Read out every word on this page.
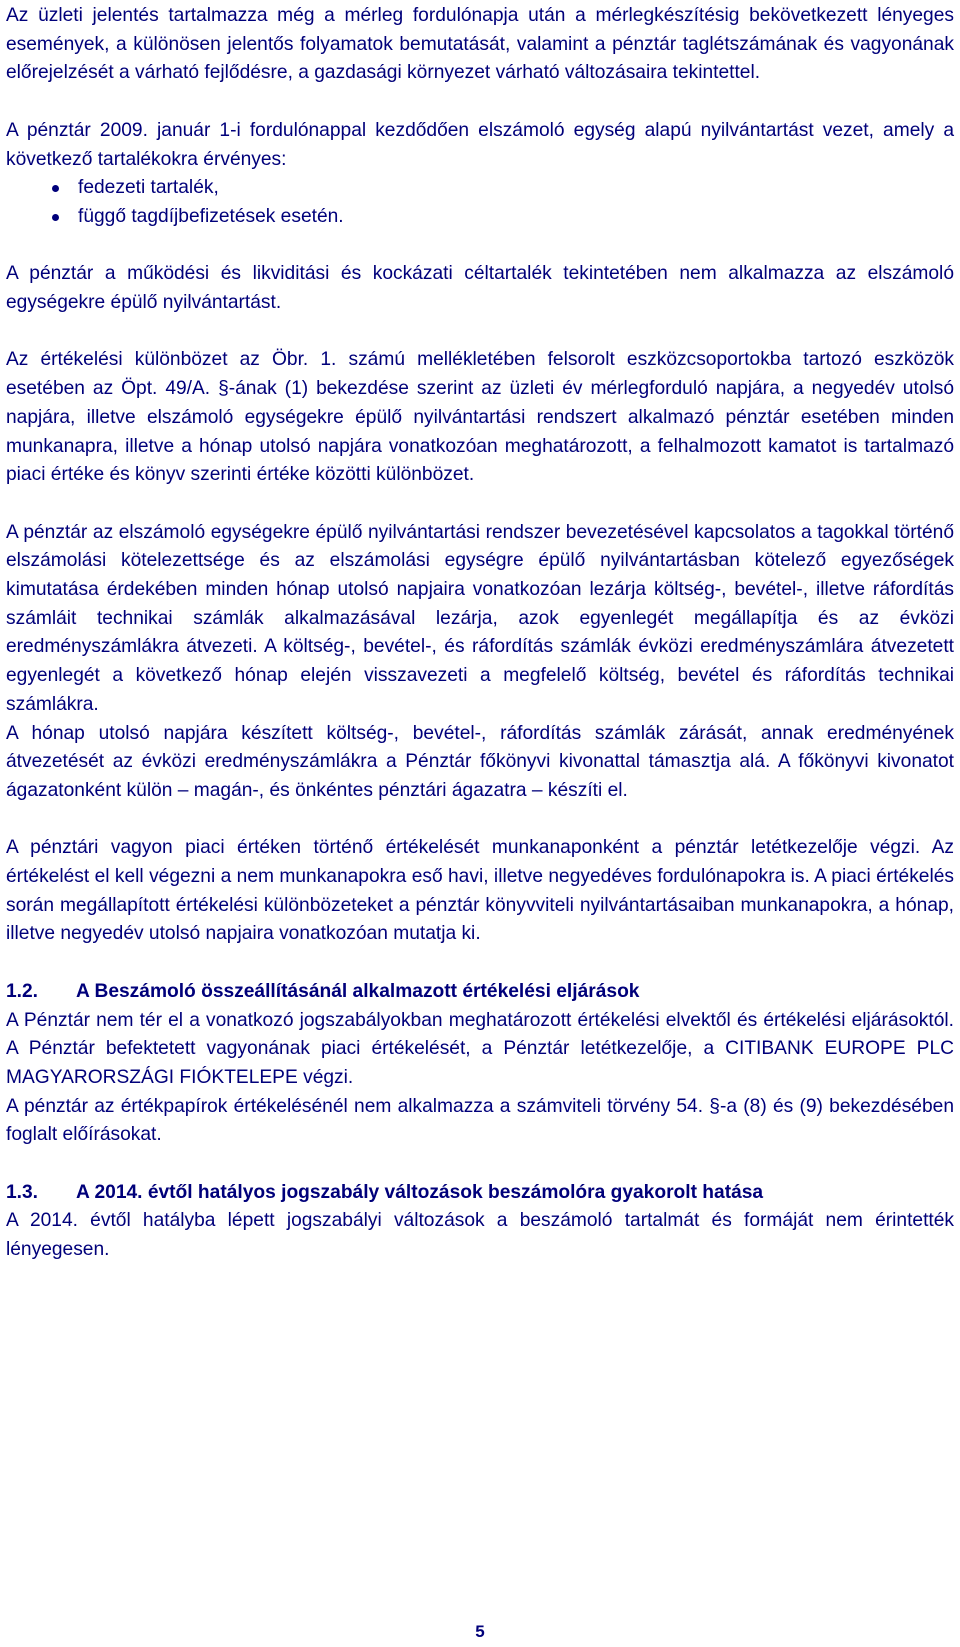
Az üzleti jelentés tartalmazza még a mérleg fordulónapja után a mérlegkészítésig bekövetkezett lényeges események, a különösen jelentős folyamatok bemutatását, valamint a pénztár taglétszámának és vagyonának előrejelzését a várható fejlődésre, a gazdasági környezet várható változásaira tekintettel.

A pénztár 2009. január 1-i fordulónappal kezdődően elszámoló egység alapú nyilvántartást vezet, amely a következő tartalékokra érvényes:

fedezeti tartalék,
függő tagdíjbefizetések esetén.

A pénztár a működési és likviditási és kockázati céltartalék tekintetében nem alkalmazza az elszámoló egységekre épülő nyilvántartást.

Az értékelési különbözet az Öbr. 1. számú mellékletében felsorolt eszközcsoportokba tartozó eszközök esetében az Öpt. 49/A. §-ának (1) bekezdése szerint az üzleti év mérlegforduló napjára, a negyedév utolsó napjára, illetve elszámoló egységekre épülő nyilvántartási rendszert alkalmazó pénztár esetében minden munkanapra, illetve a hónap utolsó napjára vonatkozóan meghatározott, a felhalmozott kamatot is tartalmazó piaci értéke és könyv szerinti értéke közötti különbözet.

A pénztár az elszámoló egységekre épülő nyilvántartási rendszer bevezetésével kapcsolatos a tagokkal történő elszámolási kötelezettsége és az elszámolási egységre épülő nyilvántartásban kötelező egyezőségek kimutatása érdekében minden hónap utolsó napjaira vonatkozóan lezárja költség-, bevétel-, illetve ráfordítás számláit technikai számlák alkalmazásával lezárja, azok egyenlegét megállapítja és az évközi eredményszámlákra átvezeti. A költség-, bevétel-, és ráfordítás számlák évközi eredményszámlára átvezetett egyenlegét a következő hónap elején visszavezeti a megfelelő költség, bevétel és ráfordítás technikai számlákra.

A hónap utolsó napjára készített költség-, bevétel-, ráfordítás számlák zárását, annak eredményének átvezetését az évközi eredményszámlákra a Pénztár főkönyvi kivonattal támasztja alá. A főkönyvi kivonatot ágazatonként külön – magán-, és önkéntes pénztári ágazatra – készíti el.

A pénztári vagyon piaci értéken történő értékelését munkanaponként a pénztár letétkezelője végzi. Az értékelést el kell végezni a nem munkanapokra eső havi, illetve negyedéves fordulónapokra is. A piaci értékelés során megállapított értékelési különbözeteket a pénztár könyvviteli nyilvántartásaiban munkanapokra, a hónap, illetve negyedév utolsó napjaira vonatkozóan mutatja ki.

1.2. A Beszámoló összeállításánál alkalmazott értékelési eljárások

A Pénztár nem tér el a vonatkozó jogszabályokban meghatározott értékelési elvektől és értékelési eljárásoktól. A Pénztár befektetett vagyonának piaci értékelését, a Pénztár letétkezelője, a CITIBANK EUROPE PLC MAGYARORSZÁGI FIÓKTELEPE végzi.

A pénztár az értékpapírok értékelésénél nem alkalmazza a számviteli törvény 54. §-a (8) és (9) bekezdésében foglalt előírásokat.

1.3. A 2014. évtől hatályos jogszabály változások beszámolóra gyakorolt hatása

A 2014. évtől hatályba lépett jogszabályi változások a beszámoló tartalmát és formáját nem érintették lényegesen.

5
